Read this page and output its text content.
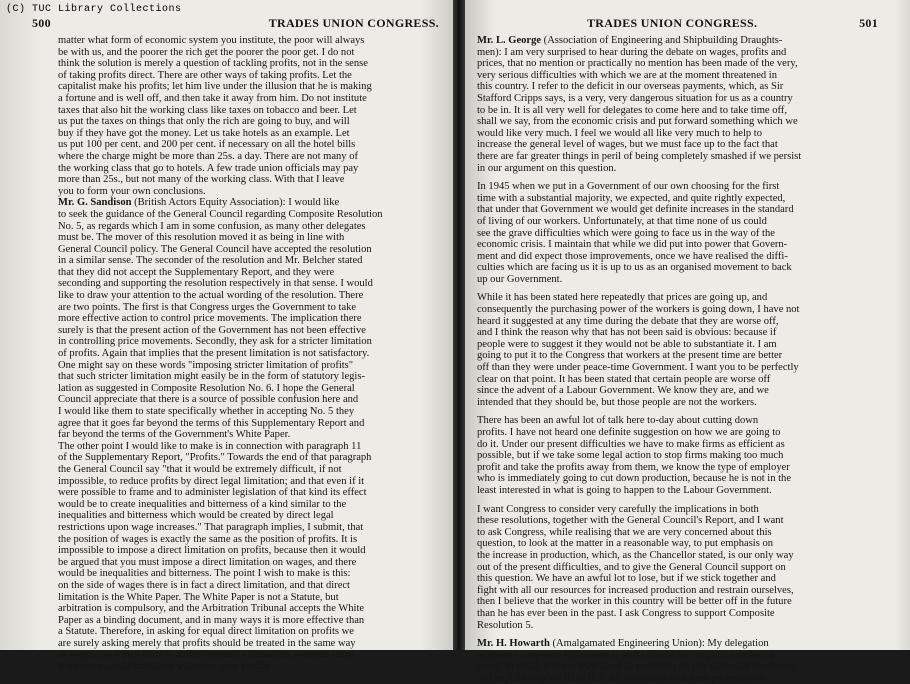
(C) TUC Library Collections
500	TRADES UNION CONGRESS.

matter what form of economic system you institute, the poor will always
be with us, and the poorer the rich get the poorer the poor get. I do not
think the solution is merely a question of tackling profits, not in the sense
of taking profits direct. There are other ways of taking profits. Let the
capitalist make his profits; let him live under the illusion that he is making
a fortune and is well off, and then take it away from him. Do not institute
taxes that also hit the working class like taxes on tobacco and beer. Let
us put the taxes on things that only the rich are going to buy, and will
buy if they have got the money. Let us take hotels as an example. Let
us put 100 per cent. and 200 per cent. if necessary on all the hotel bills
where the charge might be more than 25s. a day. There are not many of
the working class that go to hotels. A few trade union officials may pay
more than 25s., but not many of the working class. With that I leave
you to form your own conclusions.

Mr. G. Sandison (British Actors Equity Association): I would like
to seek the guidance of the General Council regarding Composite Resolution
No. 5, as regards which I am in some confusion, as many other delegates
must be. The mover of this resolution moved it as being in line with
General Council policy. The General Council have accepted the resolution
in a similar sense. The seconder of the resolution and Mr. Belcher stated
that they did not accept the Supplementary Report, and they were
seconding and supporting the resolution respectively in that sense. I would
like to draw your attention to the actual wording of the resolution. There
are two points. The first is that Congress urges the Government to take
more effective action to control price movements. The implication there
surely is that the present action of the Government has not been effective
in controlling price movements. Secondly, they ask for a stricter limitation
of profits. Again that implies that the present limitation is not satisfactory.
One might say on these words "imposing stricter limitation of profits"
that such stricter limitation might easily be in the form of statutory legis-
lation as suggested in Composite Resolution No. 6. I hope the General
Council appreciate that there is a source of possible confusion here and
I would like them to state specifically whether in accepting No. 5 they
agree that it goes far beyond the terms of this Supplementary Report and
far beyond the terms of the Government's White Paper.

The other point I would like to make is in connection with paragraph 11
of the Supplementary Report, "Profits." Towards the end of that paragraph
the General Council say "that it would be extremely difficult, if not
impossible, to reduce profits by direct legal limitation; and that even if it
were possible to frame and to administer legislation of that kind its effect
would be to create inequalities and bitterness of a kind similar to the
inequalities and bitterness which would be created by direct legal
restrictions upon wage increases." That paragraph implies, I submit, that
the position of wages is exactly the same as the position of profits. It is
impossible to impose a direct limitation on profits, because then it would
be argued that you must impose a direct limitation on wages, and there
would be inequalities and bitterness. The point I wish to make is this:
on the side of wages there is in fact a direct limitation, and that direct
limitation is the White Paper. The White Paper is not a Statute, but
arbitration is compulsory, and the Arbitration Tribunal accepts the White
Paper as a binding document, and in many ways it is more effective than
a Statute. Therefore, in asking for equal direct limitation on profits we
are surely asking merely that profits should be treated in the same way
as wages, on which there is at this moment a limitation, whereas there
is no comparable limitation whatever upon profits.

TRADES UNION CONGRESS.	501

Mr. L. George (Association of Engineering and Shipbuilding Draughts-
men): I am very surprised to hear during the debate on wages, profits and
prices, that no mention or practically no mention has been made of the very,
very serious difficulties with which we are at the moment threatened in
this country. I refer to the deficit in our overseas payments, which, as Sir
Stafford Cripps says, is a very, very dangerous situation for us as a country
to be in. It is all very well for delegates to come here and to take time off,
shall we say, from the economic crisis and put forward something which we
would like very much. I feel we would all like very much to help to
increase the general level of wages, but we must face up to the fact that
there are far greater things in peril of being completely smashed if we persist
in our argument on this question.

In 1945 when we put in a Government of our own choosing for the first
time with a substantial majority, we expected, and quite rightly expected,
that under that Government we would get definite increases in the standard
of living of our workers. Unfortunately, at that time none of us could
see the grave difficulties which were going to face us in the way of the
economic crisis. I maintain that while we did put into power that Govern-
ment and did expect those improvements, once we have realised the diffi-
culties which are facing us it is up to us as an organised movement to back
up our Government.

While it has been stated here repeatedly that prices are going up, and
consequently the purchasing power of the workers is going down, I have not
heard it suggested at any time during the debate that they are worse off,
and I think the reason why that has not been said is obvious: because if
people were to suggest it they would not be able to substantiate it. I am
going to put it to the Congress that workers at the present time are better
off than they were under peace-time Government. I want you to be perfectly
clear on that point. It has been stated that certain people are worse off
since the advent of a Labour Government. We know they are, and we
intended that they should be, but those people are not the workers.

There has been an awful lot of talk here to-day about cutting down
profits. I have not heard one definite suggestion on how we are going to
do it. Under our present difficulties we have to make firms as efficient as
possible, but if we take some legal action to stop firms making too much
profit and take the profits away from them, we know the type of employer
who is immediately going to cut down production, because he is not in the
least interested in what is going to happen to the Labour Government.

I want Congress to consider very carefully the implications in both
these resolutions, together with the General Council's Report, and I want
to ask Congress, while realising that we are very concerned about this
question, to look at the matter in a reasonable way, to put emphasis on
the increase in production, which, as the Chancellor stated, is our only way
out of the present difficulties, and to give the General Council support on
this question. We have an awful lot to lose, but if we stick together and
fight with all our resources for increased production and restrain ourselves,
then I believe that the worker in this country will be better off in the future
than he has ever been in the past. I ask Congress to support Composite
Resolution 5.

Mr. H. Howarth (Amalgamated Engineering Union): My delegation
supports Composite Resolution 6, and I should like to put a number of
points in relation to our own stand as engineers on this particular resolution,
and explain why we think that this resolution is at least preferable to
